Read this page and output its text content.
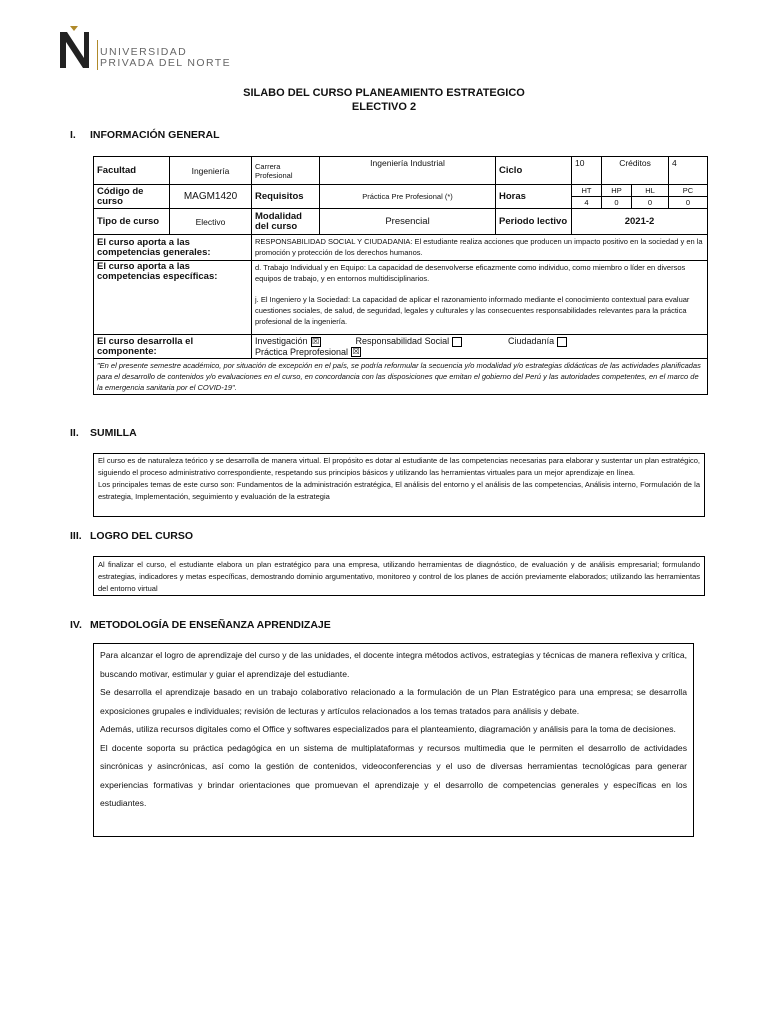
UNIVERSIDAD
PRIVADA DEL NORTE
SILABO DEL CURSO PLANEAMIENTO ESTRATEGICO
ELECTIVO 2
I. INFORMACIÓN GENERAL
Facultad	Ingeniería	Carrera Profesional	Ingeniería Industrial	Ciclo	10	Créditos		4
Código de curso	MAGM1420	Requisitos	Práctica Pre Profesional (*)	Horas	HT	HP	HL	PC
					4	0	0	0
Tipo de curso	Electivo	Modalidad del curso	Presencial	Periodo lectivo	2021-2			
El curso aporta a las competencias generales:		RESPONSABILIDAD SOCIAL Y CIUDADANIA: El estudiante realiza acciones que producen un impacto positivo en la sociedad y en la promoción y protección de los derechos humanos.						
El curso aporta a las competencias específicas:		d. Trabajo Individual y en Equipo: La capacidad de desenvolverse eficazmente como individuo, como miembro o líder en diversos equipos de trabajo, y en entornos multidisciplinarios.
j. El Ingeniero y la Sociedad: La capacidad de aplicar el razonamiento informado mediante el conocimiento contextual para evaluar cuestiones sociales, de salud, de seguridad, legales y culturales y las consecuentes responsabilidades relevantes para la práctica profesional de la ingeniería.						

El curso desarrolla el componente:		Investigación ☒ Responsabilidad Social Ciudadanía Práctica Preprofesional ☒						
"En el presente semestre académico, por situación de excepción en el país, se podría reformular la secuencia y/o modalidad y/o estrategias didácticas de las actividades planificadas para el desarrollo de contenidos y/o evaluaciones en el curso, en concordancia con las disposiciones que emitan el gobierno del Perú y las autoridades competentes, en el marco de la emergencia sanitaria por el COVID-19".								
II. SUMILLA

El curso es de naturaleza teórico y se desarrolla de manera virtual. El propósito es dotar al estudiante de las competencias necesarias para elaborar y sustentar un plan estratégico, siguiendo el proceso administrativo correspondiente, respetando sus principios básicos y utilizando las herramientas virtuales para un mejor aprendizaje en línea.

Los principales temas de este curso son: Fundamentos de la administración estratégica, El análisis del entorno y el análisis de las competencias, Análisis interno, Formulación de la estrategia, Implementación, seguimiento y evaluación de la estrategia

III. LOGRO DEL CURSO

Al finalizar el curso, el estudiante elabora un plan estratégico para una empresa, utilizando herramientas de diagnóstico, de evaluación y de análisis empresarial; formulando estrategias, indicadores y metas específicas, demostrando dominio argumentativo, monitoreo y control de los planes de acción previamente elaborados; utilizando las herramientas del entorno virtual

IV. METODOLOGÍA DE ENSEÑANZA APRENDIZAJE

Para alcanzar el logro de aprendizaje del curso y de las unidades, el docente integra métodos activos, estrategias y técnicas de manera reflexiva y crítica, buscando motivar, estimular y guiar el aprendizaje del estudiante.

Se desarrolla el aprendizaje basado en un trabajo colaborativo relacionado a la formulación de un Plan Estratégico para una empresa; se desarrolla exposiciones grupales e individuales; revisión de lecturas y artículos relacionados a los temas tratados para análisis y debate.

Además, utiliza recursos digitales como el Office y softwares especializados para el planteamiento, diagramación y análisis para la toma de decisiones.

El docente soporta su práctica pedagógica en un sistema de multiplataformas y recursos multimedia que le permiten el desarrollo de actividades sincrónicas y asincrónicas, así como la gestión de contenidos, videoconferencias y el uso de diversas herramientas tecnológicas para generar experiencias formativas y brindar orientaciones que promuevan el aprendizaje y el desarrollo de competencias generales y específicas en los estudiantes.
